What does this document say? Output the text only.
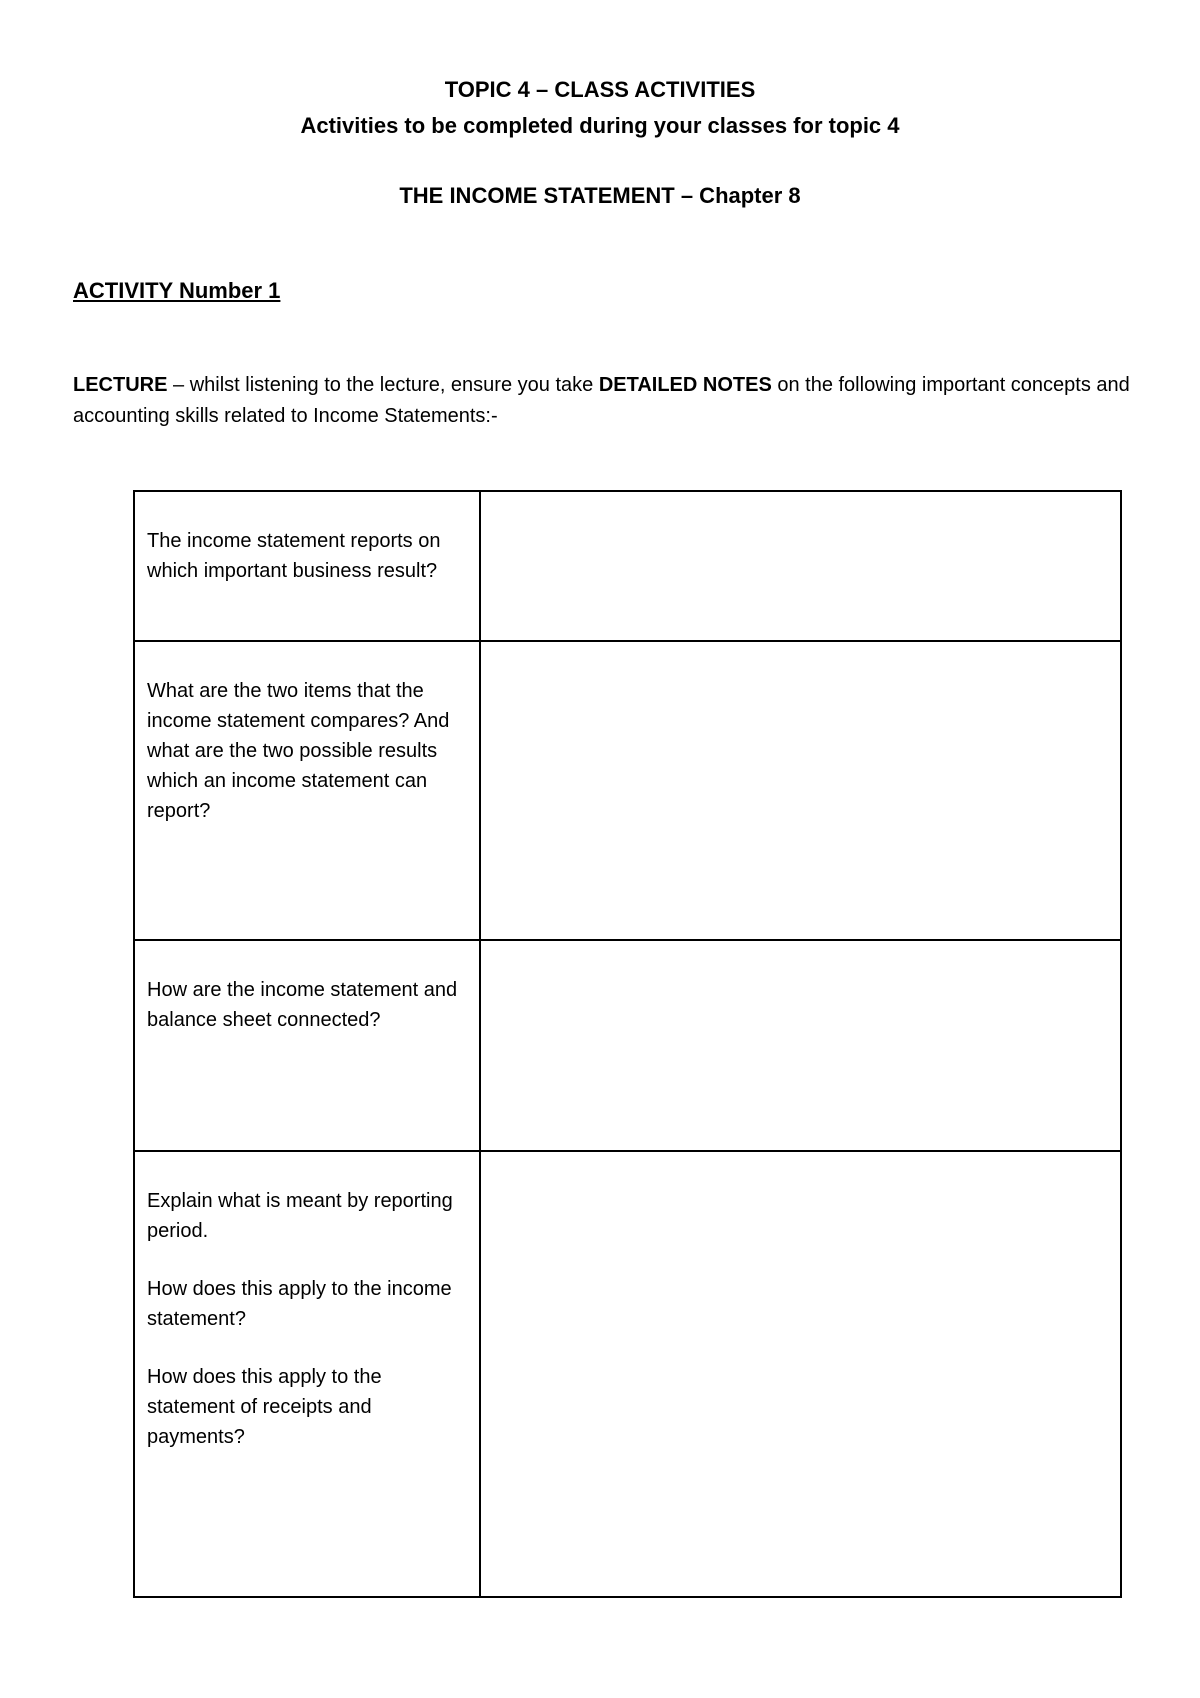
TOPIC 4 – CLASS ACTIVITIES

Activities to be completed during your classes for topic 4

THE INCOME STATEMENT – Chapter 8

ACTIVITY Number 1

LECTURE – whilst listening to the lecture, ensure you take DETAILED NOTES on the following important concepts and accounting skills related to Income Statements:-

The income statement reports on which important business result?	

What are the two items that the income statement compares? And what are the two possible results which an income statement can report?	

How are the income statement and balance sheet connected?	

Explain what is meant by reporting period.

How does this apply to the income statement?

How does this apply to the statement of receipts and payments?	
